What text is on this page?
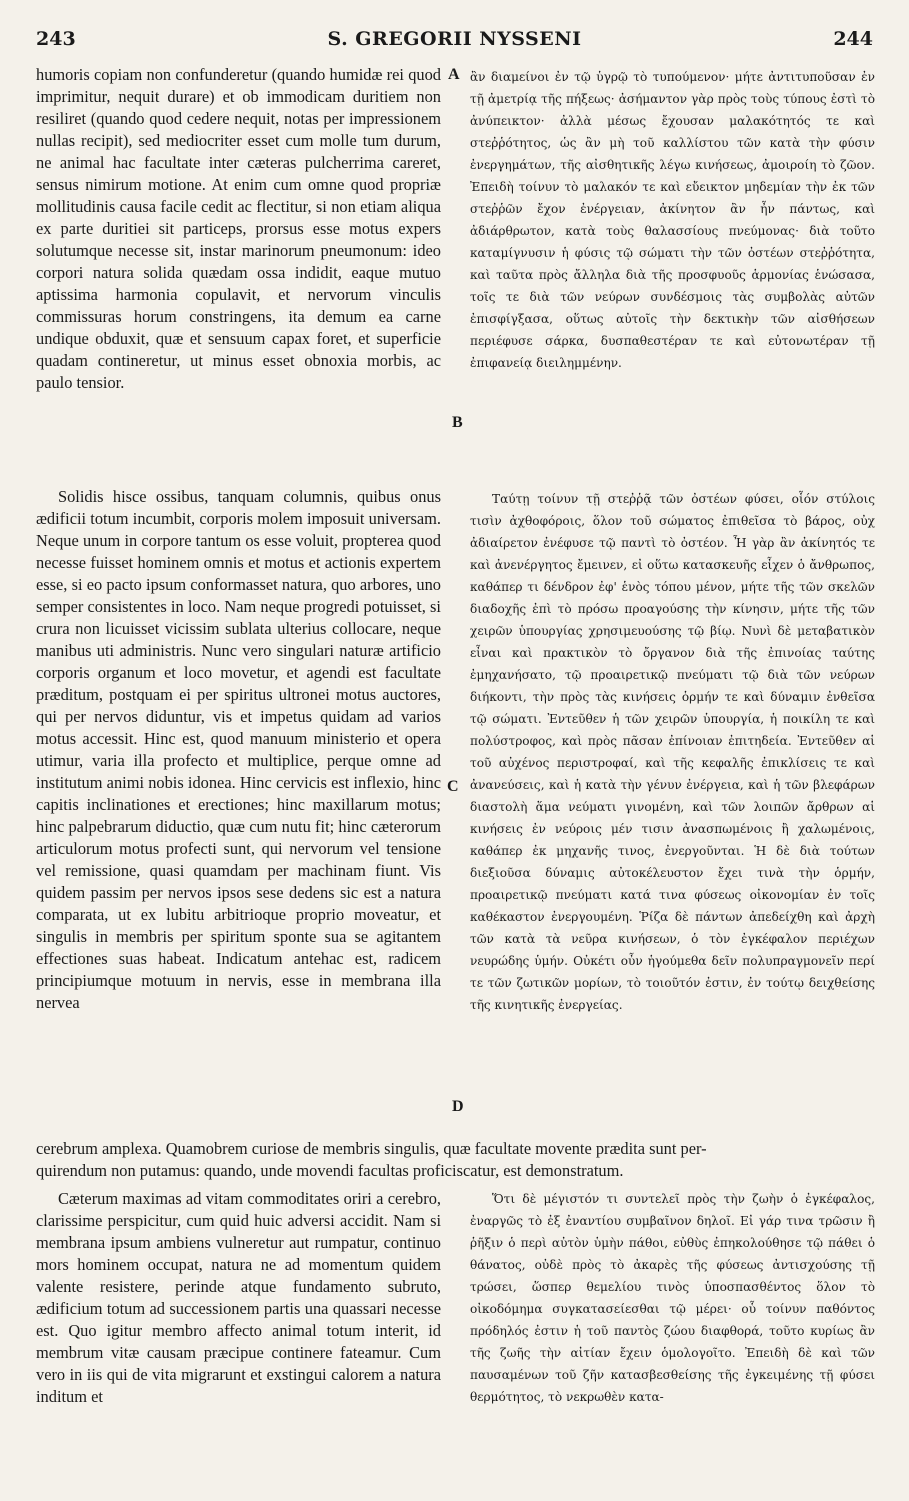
243	S. GREGORII NYSSENI	244
humoris copiam non confunderetur (quando humidæ rei quod imprimitur, nequit durare) et ob immodicam duritiem non resiliret (quando quod cedere nequit, notas per impressionem nullas recipit), sed mediocriter esset cum molle tum durum, ne animal hac facultate inter cæteras pulcherrima careret, sensus nimirum motione. At enim cum omne quod propriæ mollitudinis causa facile cedit ac flectitur, si non etiam aliqua ex parte duritiei sit particeps, prorsus esse motus expers solutumque necesse sit, instar marinorum pneumonum: ideo corpori natura solida quædam ossa indidit, eaque mutuo aptissima harmonia copulavit, et nervorum vinculis commissuras horum constringens, ita demum ea carne undique obduxit, quæ et sensuum capax foret, et superficie quadam contineretur, ut minus esset obnoxia morbis, ac paulo tensior.
ἂν διαμείνοι ἐν τῷ ὑγρῷ τὸ τυπούμενον· μήτε ἀντιτυποῦσαν ἐν τῇ ἀμετρίᾳ τῆς πήξεως· ἀσήμαντον γὰρ πρὸς τοὺς τύπους ἐστὶ τὸ ἀνύπεικτον· ἀλλὰ μέσως ἔχουσαν μαλακότητός τε καὶ στεῤῥότητος, ὡς ἂν μὴ τοῦ καλλίστου τῶν κατὰ τὴν φύσιν ἐνεργημάτων, τῆς αἰσθητικῆς λέγω κινήσεως, ἀμοιροίη τὸ ζῶον. Ἐπειδὴ τοίνυν τὸ μαλακόν τε καὶ εὔεικτον μηδεμίαν τὴν ἐκ τῶν στεῤῥῶν ἔχον ἐνέργειαν, ἀκίνητον ἂν ἦν πάντως, καὶ ἀδιάρθρωτον, κατὰ τοὺς θαλασσίους πνεύμονας· διὰ τοῦτο καταμίγνυσιν ἡ φύσις τῷ σώματι τὴν τῶν ὀστέων στεῤῥότητα, καὶ ταῦτα πρὸς ἄλληλα διὰ τῆς προσφυοῦς ἁρμονίας ἑνώσασα, τοῖς τε διὰ τῶν νεύρων συνδέσμοις τὰς συμβολὰς αὐτῶν ἐπισφίγξασα, οὕτως αὐτοῖς τὴν δεκτικὴν τῶν αἰσθήσεων περιέφυσε σάρκα, δυσπαθεστέραν τε καὶ εὐτονωτέραν τῇ ἐπιφανείᾳ διειλημμένην.
A
B
Solidis hisce ossibus, tanquam columnis, quibus onus ædificii totum incumbit, corporis molem imposuit universam. Neque unum in corpore tantum os esse voluit, propterea quod necesse fuisset hominem omnis et motus et actionis expertem esse, si eo pacto ipsum conformasset natura, quo arbores, uno semper consistentes in loco. Nam neque progredi potuisset, si crura non licuisset vicissim sublata ulterius collocare, neque manibus uti administris. Nunc vero singulari naturæ artificio corporis organum et loco movetur, et agendi est facultate præditum, postquam ei per spiritus ultronei motus auctores, qui per nervos diduntur, vis et impetus quidam ad varios motus accessit. Hinc est, quod manuum ministerio et opera utimur, varia illa profecto et multiplice, perque omne ad institutum animi nobis idonea. Hinc cervicis est inflexio, hinc capitis inclinationes et erectiones; hinc maxillarum motus; hinc palpebrarum diductio, quæ cum nutu fit; hinc cæterorum articulorum motus profecti sunt, qui nervorum vel tensione vel remissione, quasi quamdam per machinam fiunt. Vis quidem passim per nervos ipsos sese dedens sic est a natura comparata, ut ex lubitu arbitrioque proprio moveatur, et singulis in membris per spiritum sponte sua se agitantem effectiones suas habeat. Indicatum antehac est, radicem principiumque motuum in nervis, esse in membrana illa nervea
Ταύτῃ τοίνυν τῇ στεῤῥᾷ τῶν ὀστέων φύσει, οἷόν στύλοις τισὶν ἀχθοφόροις, ὅλον τοῦ σώματος ἐπιθεῖσα τὸ βάρος, οὐχ ἀδιαίρετον ἐνέφυσε τῷ παντὶ τὸ ὀστέον. Ἦ γὰρ ἂν ἀκίνητός τε καὶ ἀνενέργητος ἔμεινεν, εἰ οὕτω κατασκευῆς εἶχεν ὁ ἄνθρωπος, καθάπερ τι δένδρον ἐφ' ἑνὸς τόπου μένον, μήτε τῆς τῶν σκελῶν διαδοχῆς ἐπὶ τὸ πρόσω προαγούσης τὴν κίνησιν, μήτε τῆς τῶν χειρῶν ὑπουργίας χρησιμευούσης τῷ βίῳ. Νυνὶ δὲ μεταβατικὸν εἶναι καὶ πρακτικὸν τὸ ὄργανον διὰ τῆς ἐπινοίας ταύτης ἐμηχανήσατο, τῷ προαιρετικῷ πνεύματι τῷ διὰ τῶν νεύρων διήκοντι, τὴν πρὸς τὰς κινήσεις ὁρμήν τε καὶ δύναμιν ἐνθεῖσα τῷ σώματι. Ἐντεῦθεν ἡ τῶν χειρῶν ὑπουργία, ἡ ποικίλη τε καὶ πολύστροφος, καὶ πρὸς πᾶσαν ἐπίνοιαν ἐπιτηδεία. Ἐντεῦθεν αἱ τοῦ αὐχένος περιστροφαί, καὶ τῆς κεφαλῆς ἐπικλίσεις τε καὶ ἀνανεύσεις, καὶ ἡ κατὰ τὴν γένυν ἐνέργεια, καὶ ἡ τῶν βλεφάρων διαστολὴ ἅμα νεύματι γινομένη, καὶ τῶν λοιπῶν ἄρθρων αἱ κινήσεις ἐν νεύροις μέν τισιν ἀνασπωμένοις ἢ χαλωμένοις, καθάπερ ἐκ μηχανῆς τινος, ἐνεργοῦνται. Ἡ δὲ διὰ τούτων διεξιοῦσα δύναμις αὐτοκέλευστον ἔχει τινὰ τὴν ὁρμήν, προαιρετικῷ πνεύματι κατά τινα φύσεως οἰκονομίαν ἐν τοῖς καθέκαστον ἐνεργουμένη. Ῥίζα δὲ πάντων ἀπεδείχθη καὶ ἀρχὴ τῶν κατὰ τὰ νεῦρα κινήσεων, ὁ τὸν ἐγκέφαλον περιέχων νευρώδης ὑμήν. Οὐκέτι οὖν ἡγούμεθα δεῖν πολυπραγμονεῖν περί τε τῶν ζωτικῶν μορίων, τὸ τοιοῦτόν ἐστιν, ἐν τούτῳ δειχθείσης τῆς κινητικῆς ἐνεργείας.
C
D
cerebrum amplexa. Quamobrem curiose de membris singulis, quæ facultate movente prædita sunt per-
quirendum non putamus: quando, unde movendi facultas proficiscatur, est demonstratum.
Cæterum maximas ad vitam commoditates oriri a cerebro, clarissime perspicitur, cum quid huic adversi accidit. Nam si membrana ipsum ambiens vulneretur aut rumpatur, continuo mors hominem occupat, natura ne ad momentum quidem valente resistere, perinde atque fundamento subruto, ædificium totum ad successionem partis una quassari necesse est. Quo igitur membro affecto animal totum interit, id membrum vitæ causam præcipue continere fateamur. Cum vero in iis qui de vita migrarunt et exstingui calorem a natura inditum et
Ὅτι δὲ μέγιστόν τι συντελεῖ πρὸς τὴν ζωὴν ὁ ἐγκέφαλος, ἐναργῶς τὸ ἐξ ἐναντίου συμβαῖνον δηλοῖ. Εἰ γάρ τινα τρῶσιν ἢ ῥῆξιν ὁ περὶ αὐτὸν ὑμὴν πάθοι, εὐθὺς ἐπηκολούθησε τῷ πάθει ὁ θάνατος, οὐδὲ πρὸς τὸ ἀκαρὲς τῆς φύσεως ἀντισχούσης τῇ τρώσει, ὥσπερ θεμελίου τινὸς ὑποσπασθέντος ὅλον τὸ οἰκοδόμημα συγκατασείεσθαι τῷ μέρει· οὗ τοίνυν παθόντος πρόδηλός ἐστιν ἡ τοῦ παντὸς ζώου διαφθορά, τοῦτο κυρίως ἂν τῆς ζωῆς τὴν αἰτίαν ἔχειν ὁμολογοῖτο. Ἐπειδὴ δὲ καὶ τῶν παυσαμένων τοῦ ζῆν κατασβεσθείσης τῆς ἐγκειμένης τῇ φύσει θερμότητος, τὸ νεκρωθὲν κατα-
